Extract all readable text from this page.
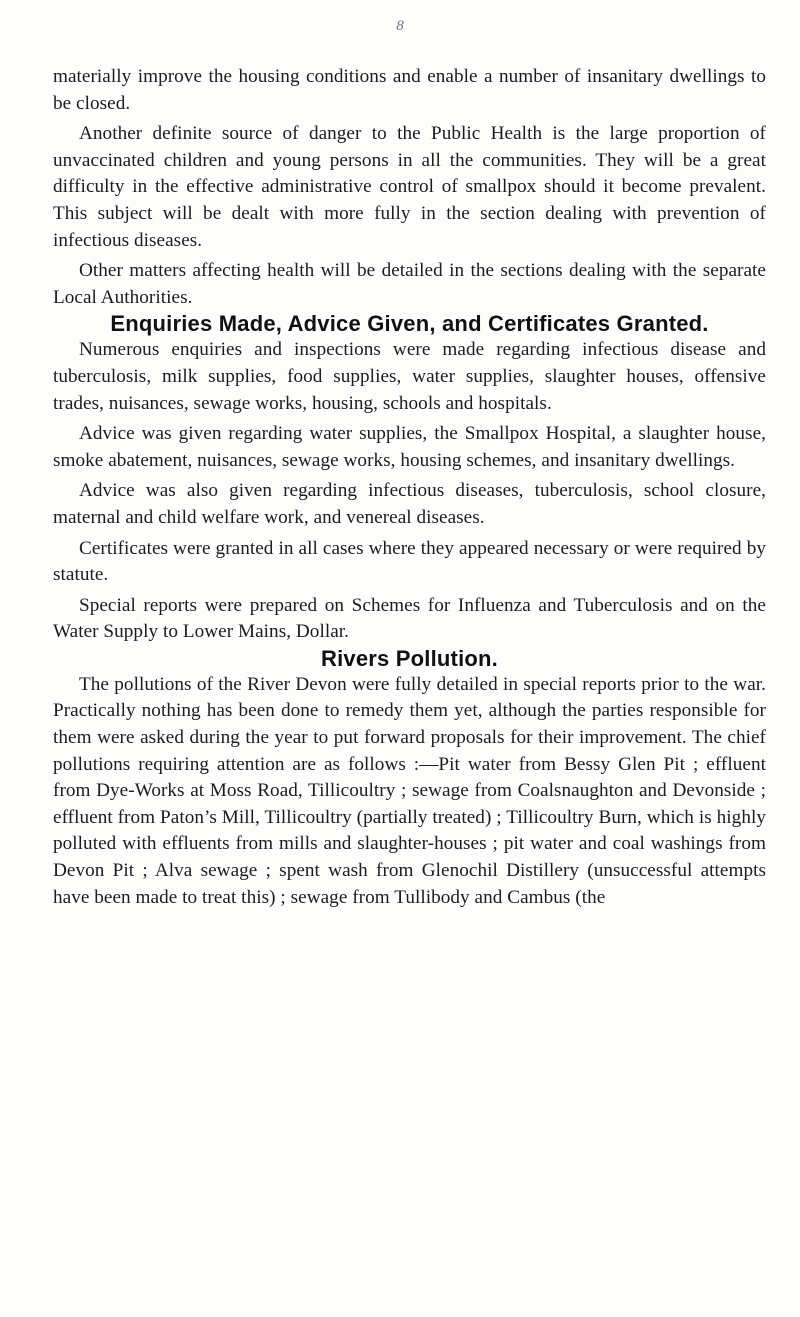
8

materially improve the housing conditions and enable a number of insanitary dwellings to be closed.

Another definite source of danger to the Public Health is the large proportion of unvaccinated children and young persons in all the communities. They will be a great difficulty in the effective administrative control of smallpox should it become prevalent. This subject will be dealt with more fully in the section dealing with prevention of infectious diseases.

Other matters affecting health will be detailed in the sections dealing with the separate Local Authorities.

Enquiries Made, Advice Given, and Certificates Granted.

Numerous enquiries and inspections were made regarding infectious disease and tuberculosis, milk supplies, food supplies, water supplies, slaughter houses, offensive trades, nuisances, sewage works, housing, schools and hospitals.

Advice was given regarding water supplies, the Smallpox Hospital, a slaughter house, smoke abatement, nuisances, sewage works, housing schemes, and insanitary dwellings.

Advice was also given regarding infectious diseases, tuberculosis, school closure, maternal and child welfare work, and venereal diseases.

Certificates were granted in all cases where they appeared necessary or were required by statute.

Special reports were prepared on Schemes for Influenza and Tuberculosis and on the Water Supply to Lower Mains, Dollar.

Rivers Pollution.

The pollutions of the River Devon were fully detailed in special reports prior to the war. Practically nothing has been done to remedy them yet, although the parties responsible for them were asked during the year to put forward proposals for their improvement. The chief pollutions requiring attention are as follows :—Pit water from Bessy Glen Pit ; effluent from Dye-Works at Moss Road, Tillicoultry ; sewage from Coalsnaughton and Devonside ; effluent from Paton’s Mill, Tillicoultry (partially treated) ; Tillicoultry Burn, which is highly polluted with effluents from mills and slaughter-houses ; pit water and coal washings from Devon Pit ; Alva sewage ; spent wash from Glenochil Distillery (unsuccessful attempts have been made to treat this) ; sewage from Tullibody and Cambus (the
